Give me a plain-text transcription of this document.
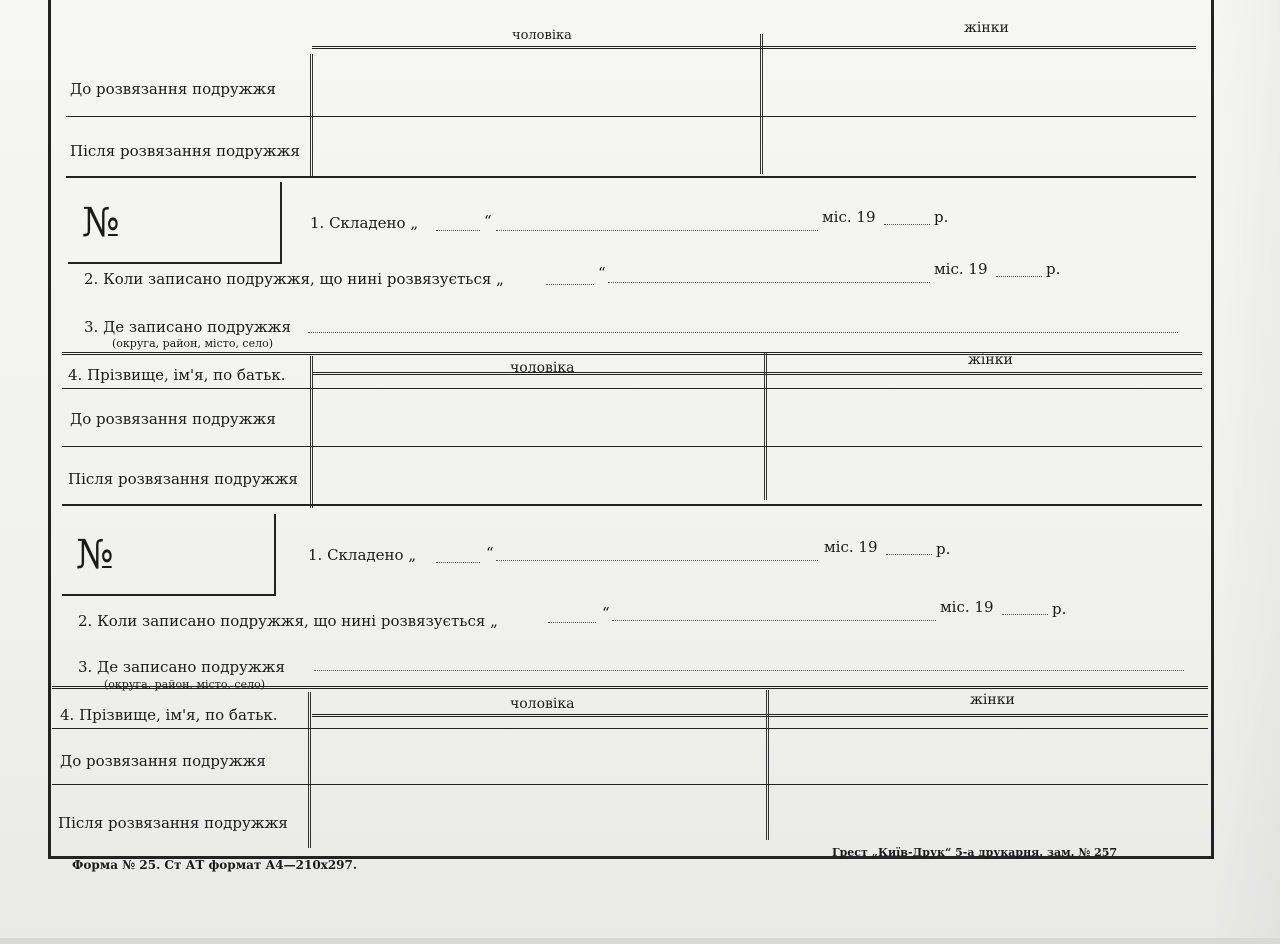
чоловіка	жінки
До розвязання подружжя
Після розвязання подружжя
№	1. Складено „	“	міс. 19	р.
2. Коли записано подружжя, що нині розвязується „	“	міс. 19	р.
3. Де записано подружжя
(округа, район, місто, село)
4. Прізвище, ім'я, по батьк.	чоловіка	жінки
До розвязання подружжя
Після розвязання подружжя
№	1. Складено „	“	міс. 19	р.
2. Коли записано подружжя, що нині розвязується „	“	міс. 19	р.
3. Де записано подружжя
(округа, район, місто, село)
4. Прізвище, ім'я, по батьк.
чоловіка	жінки
До розвязання подружжя
Після розвязання подружжя
Форма № 25. Ст АТ формат А4—210х297.
Грест „Київ-Друк“ 5-а друкарня. зам. № 257
